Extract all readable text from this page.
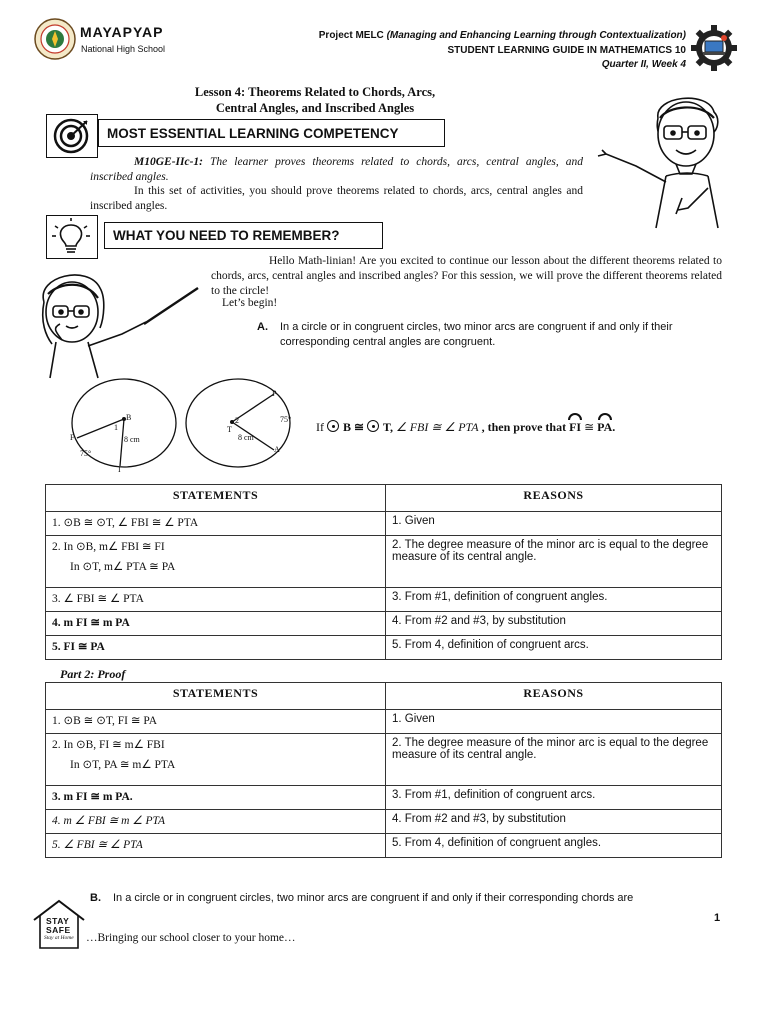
MAYAPYAP
National High School
Project MELC (Managing and Enhancing Learning through Contextualization)
STUDENT LEARNING GUIDE IN MATHEMATICS 10
Quarter II, Week 4
Lesson 4: Theorems Related to Chords, Arcs,
Central Angles, and Inscribed Angles
MOST ESSENTIAL LEARNING COMPETENCY
M10GE-IIc-1: The learner proves theorems related to chords, arcs, central angles, and inscribed angles.
In this set of activities, you should prove theorems related to chords, arcs, central angles and inscribed angles.
WHAT YOU NEED TO REMEMBER?
Hello Math-linian! Are you excited to continue our lesson about the different theorems related to chords, arcs, central angles and inscribed angles? For this session, we will prove the different theorems related to the circle!
Let’s begin!
A. In a circle or in congruent circles, two minor arcs are congruent if and only if their corresponding central angles are congruent.
B
F
I
8 cm
1
75°
T
P
A
8 cm
2	75°
If  B ≅  T, ∠ FBI ≅ ∠ PTA , then prove that FI ≅ PA.
STATEMENTS	REASONS
1. ⊙B ≅ ⊙T, ∠ FBI ≅ ∠ PTA	1. Given

2. In ⊙B, m∠ FBI ≅ FI
In ⊙T, m∠ PTA ≅ PA	2. The degree measure of the minor arc is equal to the degree measure of its central angle.
3. ∠ FBI ≅ ∠ PTA	3. From #1, definition of congruent angles.
4. m FI ≅ m PA	4. From #2 and #3, by substitution
5. FI ≅ PA	5. From 4, definition of congruent arcs.
Part 2: Proof
STATEMENTS	REASONS
1. ⊙B ≅ ⊙T, FI ≅ PA	1. Given

2. In ⊙B, FI ≅ m∠ FBI
In ⊙T, PA ≅ m∠ PTA	2. The degree measure of the minor arc is equal to the degree measure of its central angle.
3. m FI ≅ m PA.	3. From #1, definition of congruent arcs.
4. m ∠ FBI ≅ m ∠ PTA	4. From #2 and #3, by substitution
5. ∠ FBI ≅ ∠ PTA	5. From 4, definition of congruent angles.
B. In a circle or in congruent circles, two minor arcs are congruent if and only if their corresponding chords are
STAY
SAFE
Stay at Home …Bringing our school closer to your home…
1
